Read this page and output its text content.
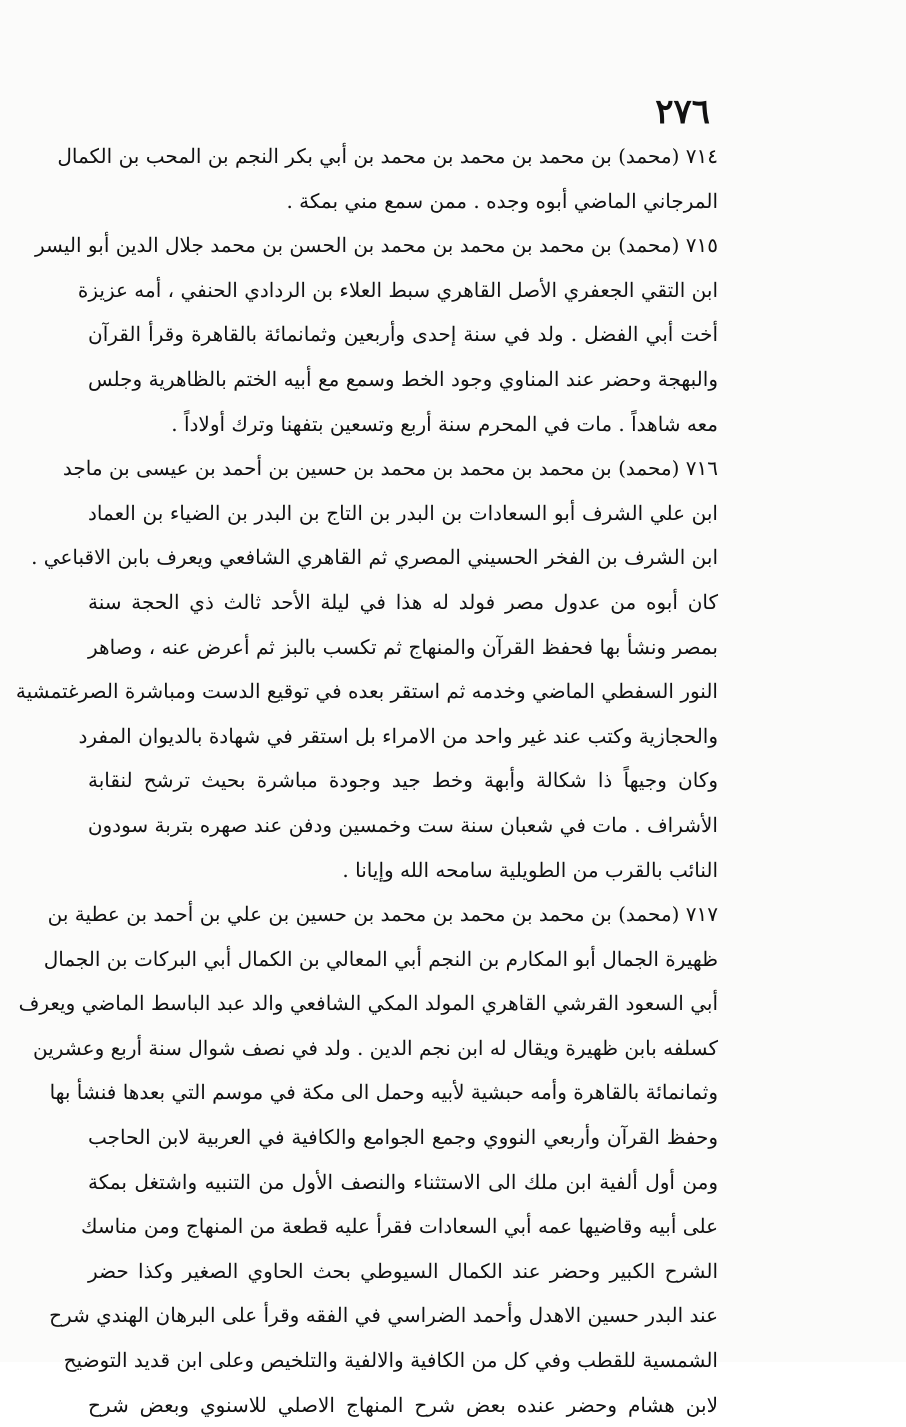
٢٧٦
٧١٤ (محمد) بن محمد بن محمد بن محمد بن أبي بكر النجم بن المحب بن الكمال
المرجاني الماضي أبوه وجده . ممن سمع مني بمكة .
٧١٥ (محمد) بن محمد بن محمد بن محمد بن الحسن بن محمد جلال الدين أبو اليسر
ابن التقي الجعفري الأصل القاهري سبط العلاء بن الردادي الحنفي ، أمه عزيزة
أخت أبي الفضل . ولد في سنة إحدى وأربعين وثمانمائة بالقاهرة وقرأ القرآن
والبهجة وحضر عند المناوي وجود الخط وسمع مع أبيه الختم بالظاهرية وجلس
معه شاهداً . مات في المحرم سنة أربع وتسعين بتفهنا وترك أولاداً .
٧١٦ (محمد) بن محمد بن محمد بن محمد بن حسين بن أحمد بن عيسى بن ماجد
ابن علي الشرف أبو السعادات بن البدر بن التاج بن البدر بن الضياء بن العماد
ابن الشرف بن الفخر الحسيني المصري ثم القاهري الشافعي ويعرف بابن الاقباعي .
كان أبوه من عدول مصر فولد له هذا في ليلة الأحد ثالث ذي الحجة سنة
بمصر ونشأ بها فحفظ القرآن والمنهاج ثم تكسب بالبز ثم أعرض عنه ، وصاهر
النور السفطي الماضي وخدمه ثم استقر بعده في توقيع الدست ومباشرة الصرغتمشية
والحجازية وكتب عند غير واحد من الامراء بل استقر في شهادة بالديوان المفرد
وكان وجيهاً ذا شكالة وأبهة وخط جيد وجودة مباشرة بحيث ترشح لنقابة
الأشراف . مات في شعبان سنة ست وخمسين ودفن عند صهره بتربة سودون
النائب بالقرب من الطويلية سامحه الله وإيانا .
٧١٧ (محمد) بن محمد بن محمد بن محمد بن حسين بن علي بن أحمد بن عطية بن
ظهيرة الجمال أبو المكارم بن النجم أبي المعالي بن الكمال أبي البركات بن الجمال
أبي السعود القرشي القاهري المولد المكي الشافعي والد عبد الباسط الماضي ويعرف
كسلفه بابن ظهيرة ويقال له ابن نجم الدين . ولد في نصف شوال سنة أربع وعشرين
وثمانمائة بالقاهرة وأمه حبشية لأبيه وحمل الى مكة في موسم التي بعدها فنشأ بها
وحفظ القرآن وأربعي النووي وجمع الجوامع والكافية في العربية لابن الحاجب
ومن أول ألفية ابن ملك الى الاستثناء والنصف الأول من التنبيه واشتغل بمكة
على أبيه وقاضيها عمه أبي السعادات فقرأ عليه قطعة من المنهاج ومن مناسك
الشرح الكبير وحضر عند الكمال السيوطي بحث الحاوي الصغير وكذا حضر
عند البدر حسين الاهدل وأحمد الضراسي في الفقه وقرأ على البرهان الهندي شرح
الشمسية للقطب وفي كل من الكافية والالفية والتلخيص وعلى ابن قديد التوضيح
لابن هشام وحضر عنده بعض شرح المنهاج الاصلي للاسنوي وبعض شرح
